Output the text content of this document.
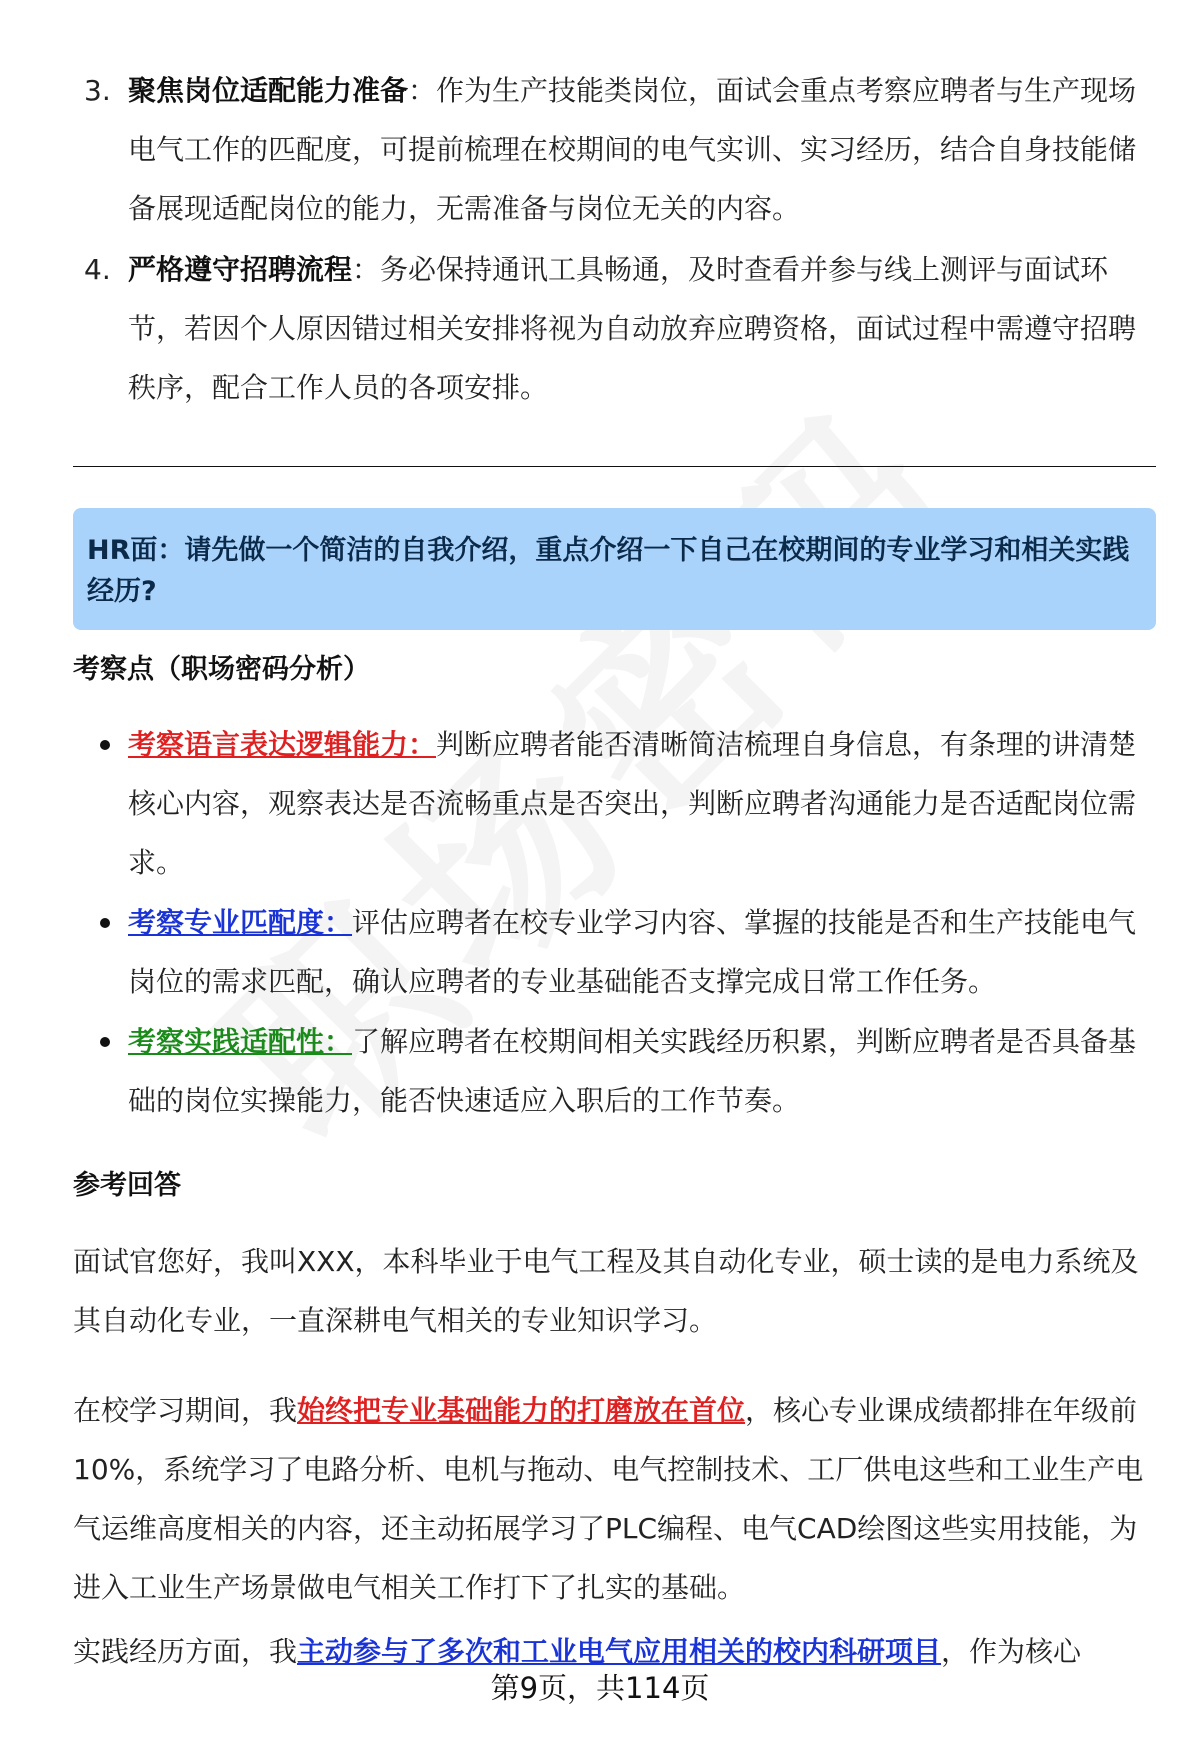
3. 聚焦岗位适配能力准备：作为生产技能类岗位，面试会重点考察应聘者与生产现场电气工作的匹配度，可提前梳理在校期间的电气实训、实习经历，结合自身技能储备展现适配岗位的能力，无需准备与岗位无关的内容。
4. 严格遵守招聘流程：务必保持通讯工具畅通，及时查看并参与线上测评与面试环节，若因个人原因错过相关安排将视为自动放弃应聘资格，面试过程中需遵守招聘秩序，配合工作人员的各项安排。
HR面：请先做一个简洁的自我介绍，重点介绍一下自己在校期间的专业学习和相关实践经历?
考察点（职场密码分析）
考察语言表达逻辑能力：判断应聘者能否清晰简洁梳理自身信息，有条理的讲清楚核心内容，观察表达是否流畅重点是否突出，判断应聘者沟通能力是否适配岗位需求。
考察专业匹配度：评估应聘者在校专业学习内容、掌握的技能是否和生产技能电气岗位的需求匹配，确认应聘者的专业基础能否支撑完成日常工作任务。
考察实践适配性：了解应聘者在校期间相关实践经历积累，判断应聘者是否具备基础的岗位实操能力，能否快速适应入职后的工作节奏。
参考回答
面试官您好，我叫XXX，本科毕业于电气工程及其自动化专业，硕士读的是电力系统及其自动化专业，一直深耕电气相关的专业知识学习。
在校学习期间，我始终把专业基础能力的打磨放在首位，核心专业课成绩都排在年级前10%，系统学习了电路分析、电机与拖动、电气控制技术、工厂供电这些和工业生产电气运维高度相关的内容，还主动拓展学习了PLC编程、电气CAD绘图这些实用技能，为进入工业生产场景做电气相关工作打下了扎实的基础。
实践经历方面，我主动参与了多次和工业电气应用相关的校内科研项目，作为核心
第9页，共114页
